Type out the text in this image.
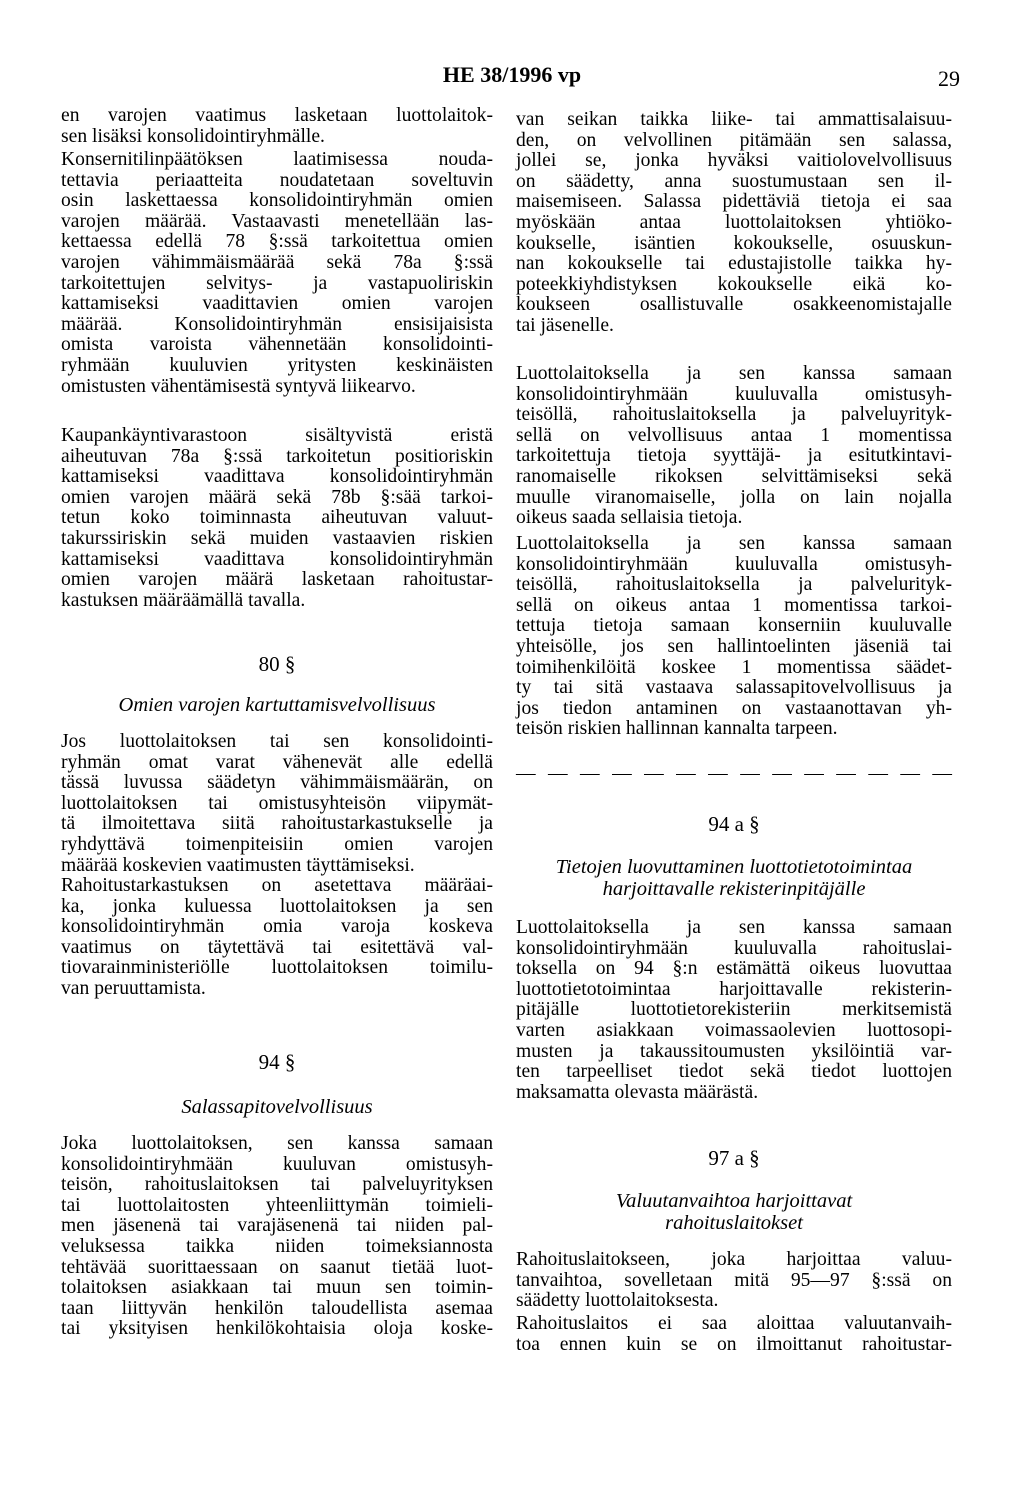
HE 38/1996 vp	29
en varojen vaatimus lasketaan luottolaitok-
sen lisäksi konsolidointiryhmälle.
Konsernitilinpäätöksen laatimisessa nouda-
tettavia periaatteita noudatetaan soveltuvin
osin laskettaessa konsolidointiryhmän omien
varojen määrää. Vastaavasti menetellään las-
kettaessa edellä 78 §:ssä tarkoitettua omien
varojen vähimmäismäärää sekä 78a §:ssä
tarkoitettujen selvitys- ja vastapuoliriskin
kattamiseksi vaadittavien omien varojen
määrää. Konsolidointiryhmän ensisijaisista
omista varoista vähennetään konsolidointi-
ryhmään kuuluvien yritysten keskinäisten
omistusten vähentämisestä syntyvä liikearvo.
Kaupankäyntivarastoon sisältyvistä eristä
aiheutuvan 78a §:ssä tarkoitetun positioriskin
kattamiseksi vaadittava konsolidointiryhmän
omien varojen määrä sekä 78b §:sää tarkoi-
tetun koko toiminnasta aiheutuvan valuut-
takurssiriskin sekä muiden vastaavien riskien
kattamiseksi vaadittava konsolidointiryhmän
omien varojen määrä lasketaan rahoitustar-
kastuksen määräämällä tavalla.
80 §
Omien varojen kartuttamisvelvollisuus
Jos luottolaitoksen tai sen konsolidointi-
ryhmän omat varat vähenevät alle edellä
tässä luvussa säädetyn vähimmäismäärän, on
luottolaitoksen tai omistusyhteisön viipymät-
tä ilmoitettava siitä rahoitustarkastukselle ja
ryhdyttävä toimenpiteisiin omien varojen
määrää koskevien vaatimusten täyttämiseksi.
Rahoitustarkastuksen on asetettava määräai-
ka, jonka kuluessa luottolaitoksen ja sen
konsolidointiryhmän omia varoja koskeva
vaatimus on täytettävä tai esitettävä val-
tiovarainministeriölle luottolaitoksen toimilu-
van peruuttamista.
94 §
Salassapitovelvollisuus
Joka luottolaitoksen, sen kanssa samaan
konsolidointiryhmään kuuluvan omistusyh-
teisön, rahoituslaitoksen tai palveluyrityksen
tai luottolaitosten yhteenliittymän toimieli-
men jäsenenä tai varajäsenenä tai niiden pal-
veluksessa taikka niiden toimeksiannosta
tehtävää suorittaessaan on saanut tietää luot-
tolaitoksen asiakkaan tai muun sen toimin-
taan liittyvän henkilön taloudellista asemaa
tai yksityisen henkilökohtaisia oloja koske-
van seikan taikka liike- tai ammattisalaisuu-
den, on velvollinen pitämään sen salassa,
jollei se, jonka hyväksi vaitiolovelvollisuus
on säädetty, anna suostumustaan sen il-
maisemiseen. Salassa pidettäviä tietoja ei saa
myöskään antaa luottolaitoksen yhtiöko-
koukselle, isäntien kokoukselle, osuuskun-
nan kokoukselle tai edustajistolle taikka hy-
poteekkiyhdistyksen kokoukselle eikä ko-
koukseen osallistuvalle osakkeenomistajalle
tai jäsenelle.
Luottolaitoksella ja sen kanssa samaan
konsolidointiryhmään kuuluvalla omistusyh-
teisöllä, rahoituslaitoksella ja palveluyrityk-
sellä on velvollisuus antaa 1 momentissa
tarkoitettuja tietoja syyttäjä- ja esitutkintavi-
ranomaiselle rikoksen selvittämiseksi sekä
muulle viranomaiselle, jolla on lain nojalla
oikeus saada sellaisia tietoja.
Luottolaitoksella ja sen kanssa samaan
konsolidointiryhmään kuuluvalla omistusyh-
teisöllä, rahoituslaitoksella ja palvelurityk-
sellä on oikeus antaa 1 momentissa tarkoi-
tettuja tietoja samaan konserniin kuuluvalle
yhteisölle, jos sen hallintoelinten jäseniä tai
toimihenkilöitä koskee 1 momentissa säädet-
ty tai sitä vastaava salassapitovelvollisuus ja
jos tiedon antaminen on vastaanottavan yh-
teisön riskien hallinnan kannalta tarpeen.
— — — — — — — — — — — — — —
94 a §
Tietojen luovuttaminen luottotietotoimintaa
harjoittavalle rekisterinpitäjälle
Luottolaitoksella ja sen kanssa samaan
konsolidointiryhmään kuuluvalla rahoituslai-
toksella on 94 §:n estämättä oikeus luovuttaa
luottotietotoimintaa harjoittavalle rekisterin-
pitäjälle luottotietorekisteriin merkitsemistä
varten asiakkaan voimassaolevien luottosopi-
musten ja takaussitoumusten yksilöintiä var-
ten tarpeelliset tiedot sekä tiedot luottojen
maksamatta olevasta määrästä.
97 a §
Valuutanvaihtoa harjoittavat
rahoituslaitokset
Rahoituslaitokseen, joka harjoittaa valuu-
tanvaihtoa, sovelletaan mitä 95—97 §:ssä on
säädetty luottolaitoksesta.
Rahoituslaitos ei saa aloittaa valuutanvaih-
toa ennen kuin se on ilmoittanut rahoitustar-
